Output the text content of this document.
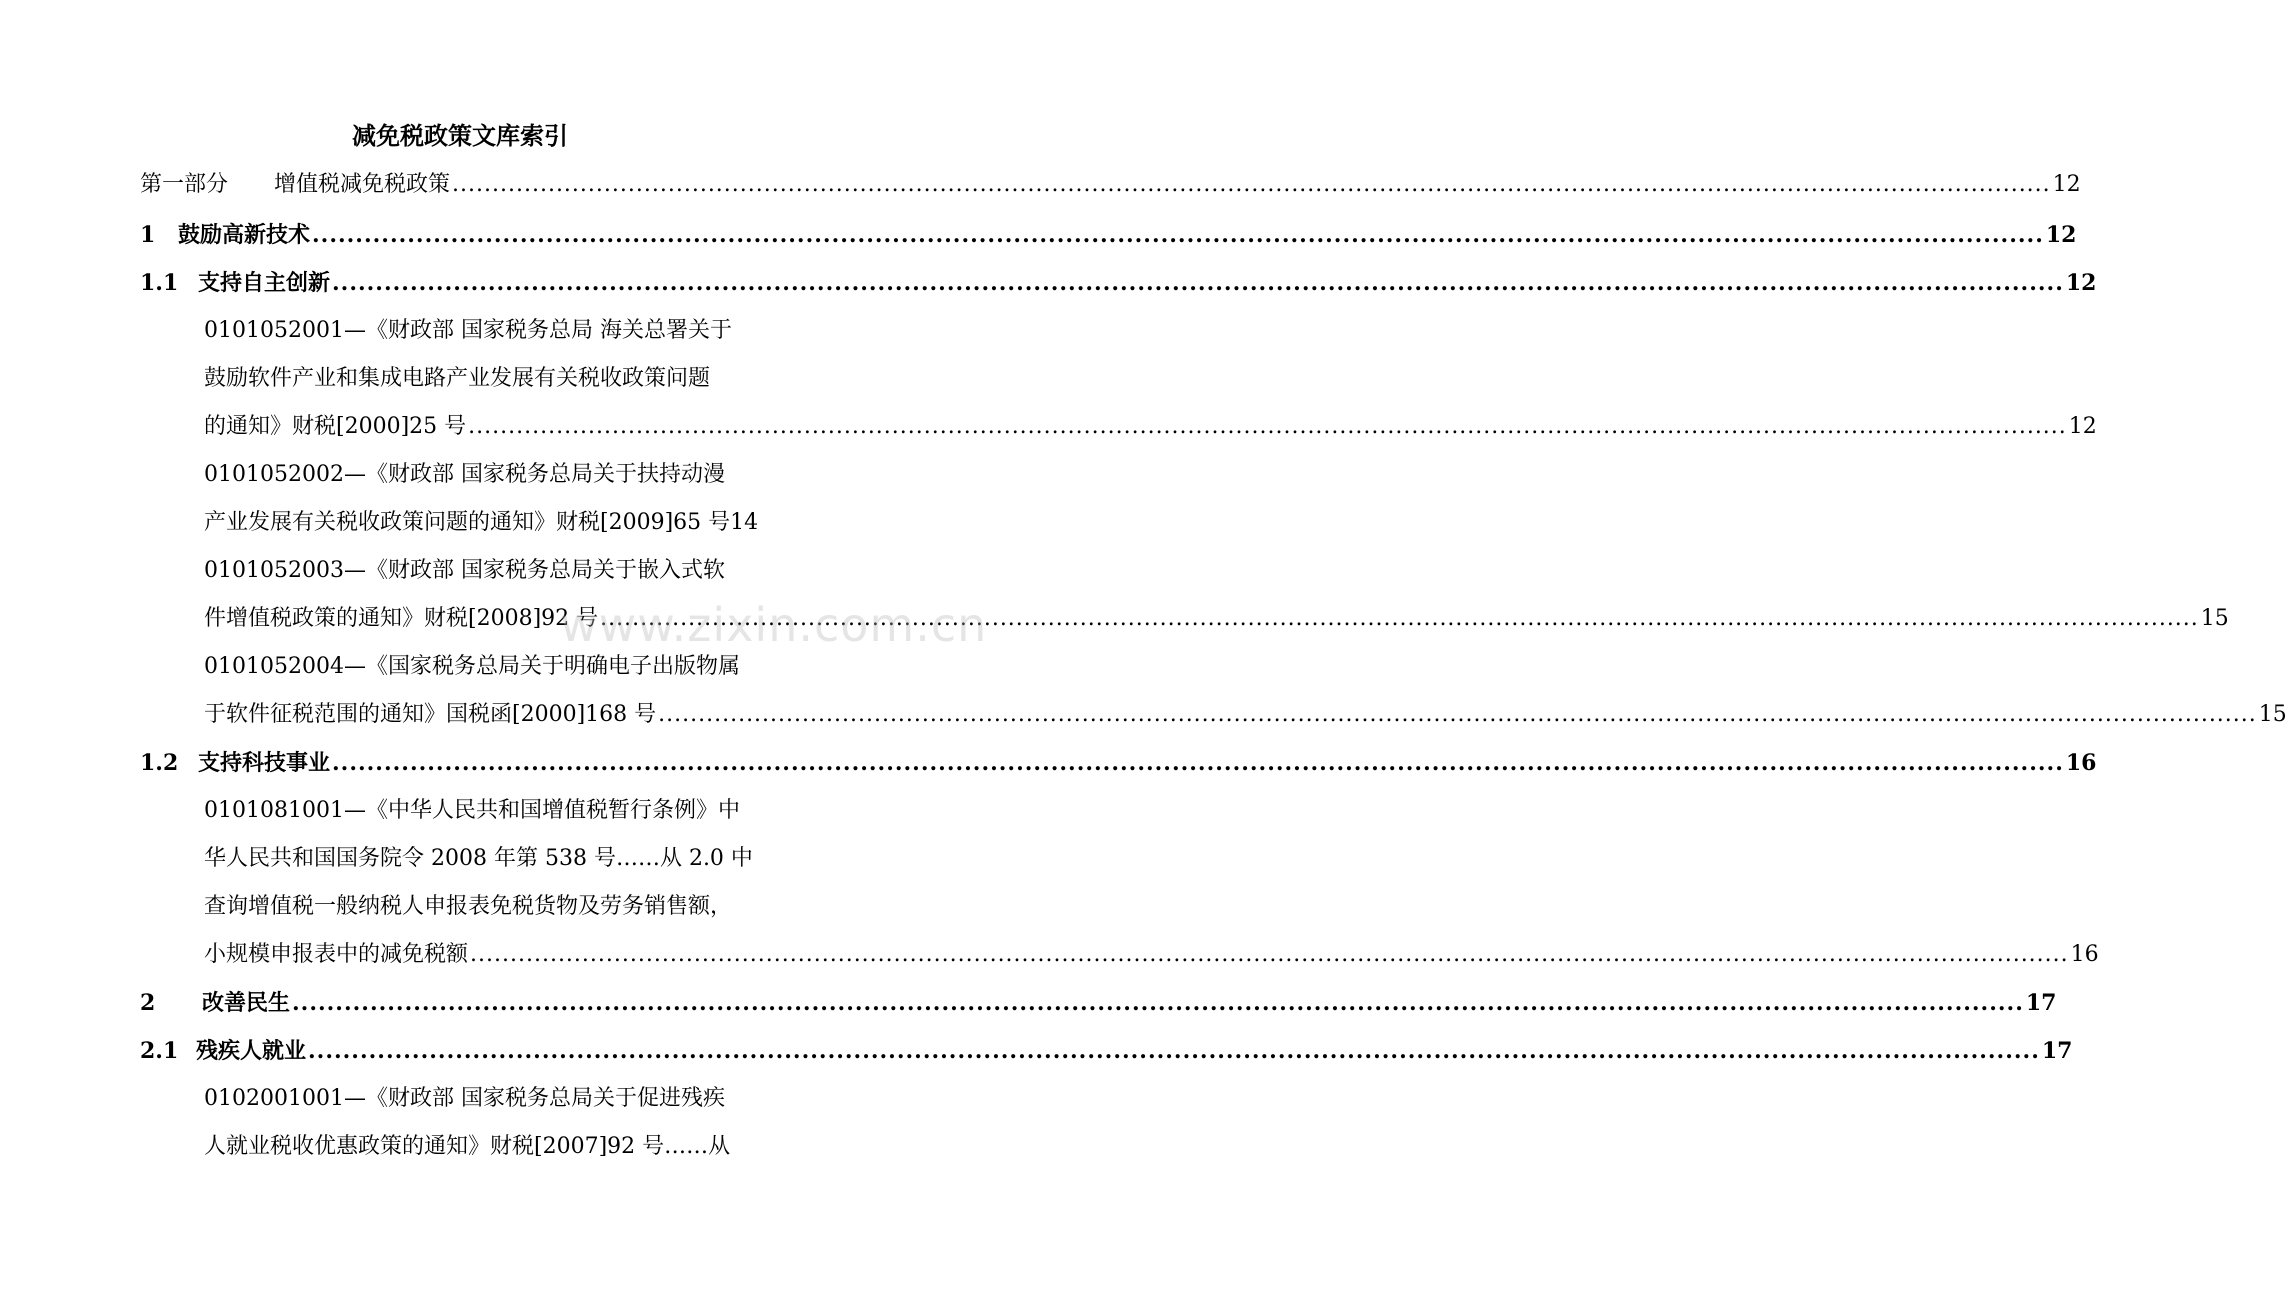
减免税政策文库索引
第一部分 增值税减免税政策 .....	12
1	鼓励高新技术 .....	12
1.1 支持自主创新 .....	12
0101052001—《财政部 国家税务总局 海关总署关于
鼓励软件产业和集成电路产业发展有关税收政策问题
的通知》财税[2000]25 号 .....	12
0101052002—《财政部 国家税务总局关于扶持动漫
产业发展有关税收政策问题的通知》财税[2009]65 号14
0101052003—《财政部 国家税务总局关于嵌入式软
件增值税政策的通知》财税[2008]92 号 .....	15
0101052004—《国家税务总局关于明确电子出版物属
于软件征税范围的通知》国税函[2000]168 号 .....	15
1.2 支持科技事业 .....	16
0101081001—《中华人民共和国增值税暂行条例》中
华人民共和国国务院令 2008 年第 538 号……从 2.0 中
查询增值税一般纳税人申报表免税货物及劳务销售额，
小规模申报表中的减免税额 .....	16
2	改善民生 .....	17
2.1 残疾人就业 .....	17
0102001001—《财政部 国家税务总局关于促进残疾
人就业税收优惠政策的通知》财税[2007]92 号……从
www.zixin.com.cn
